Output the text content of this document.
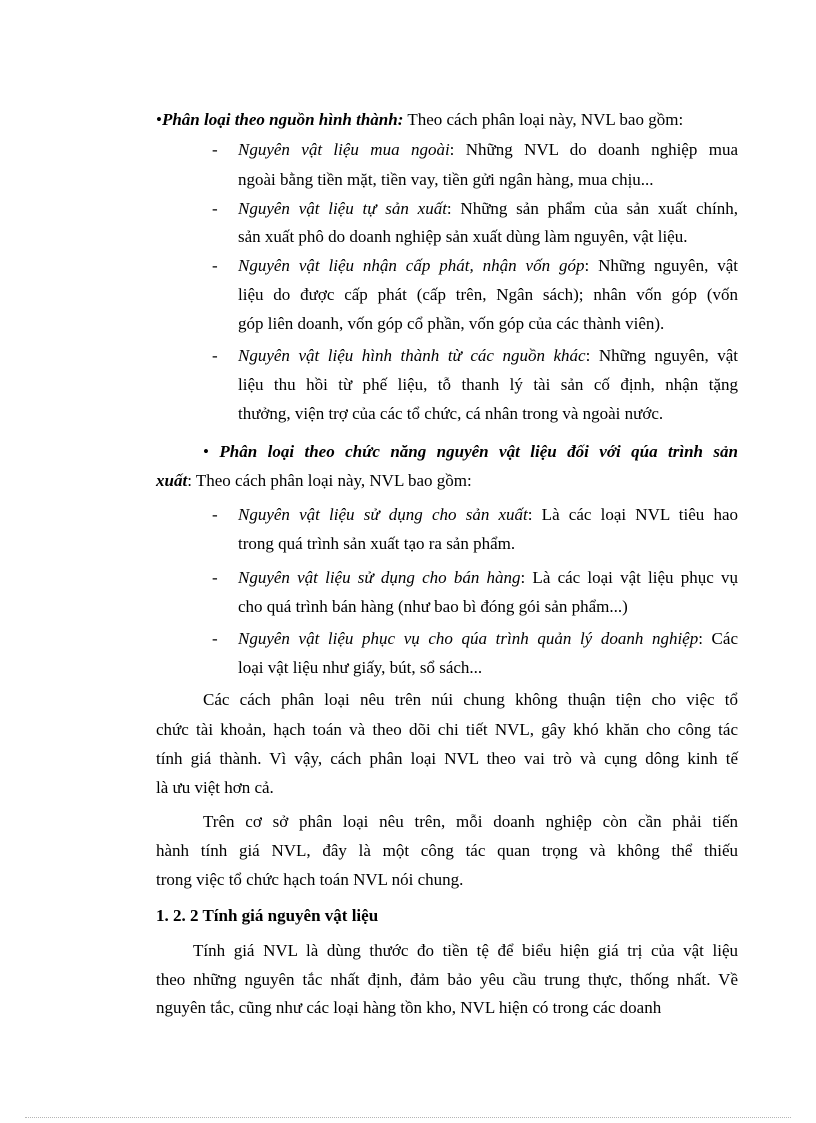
•Phân loại theo nguồn hình thành: Theo cách phân loại này, NVL bao gồm:
- Nguyên vật liệu mua ngoài: Những NVL do doanh nghiệp mua
ngoài bằng tiền mặt, tiền vay, tiền gửi ngân hàng, mua chịu...
- Nguyên vật liệu tự sản xuất: Những sản phẩm của sản xuất chính,
sản xuất phô do doanh nghiệp sản xuất dùng làm nguyên, vật liệu.
- Nguyên vật liệu nhận cấp phát, nhận vốn góp: Những nguyên, vật
liệu do được cấp phát (cấp trên, Ngân sách); nhân vốn góp (vốn
góp liên doanh, vốn góp cổ phần, vốn góp của các thành viên).
- Nguyên vật liệu hình thành từ các nguồn khác: Những nguyên, vật
liệu thu hồi từ phế liệu, tỗ thanh lý tài sản cố định, nhận tặng
thưởng, viện trợ của các tổ chức, cá nhân trong và ngoài nước.
• Phân loại theo chức năng nguyên vật liệu đối với qúa trình sản
xuất: Theo cách phân loại này, NVL bao gồm:
- Nguyên vật liệu sử dụng cho sản xuất: Là các loại NVL tiêu hao
trong quá trình sản xuất tạo ra sản phẩm.
- Nguyên vật liệu sử dụng cho bán hàng: Là các loại vật liệu phục vụ
cho quá trình bán hàng (như bao bì đóng gói sản phẩm...)
- Nguyên vật liệu phục vụ cho qúa trình quản lý doanh nghiệp: Các
loại vật liệu như giấy, bút, sổ sách...
Các cách phân loại nêu trên núi chung không thuận tiện cho việc tổ
chức tài khoản, hạch toán và theo dõi chi tiết NVL, gây khó khăn cho công tác
tính giá thành. Vì vậy, cách phân loại NVL theo vai trò và cụng dông kinh tế
là ưu việt hơn cả.
Trên cơ sở phân loại nêu trên, mỗi doanh nghiệp còn cần phải tiến
hành tính giá NVL, đây là một công tác quan trọng và không thể thiếu
trong việc tổ chức hạch toán NVL nói chung.
1. 2. 2 Tính giá nguyên vật liệu
Tính giá NVL là dùng thước đo tiền tệ để biểu hiện giá trị của vật liệu
theo những nguyên tắc nhất định, đảm bảo yêu cầu trung thực, thống nhất. Về
nguyên tắc, cũng như các loại hàng tồn kho, NVL hiện có trong các doanh
